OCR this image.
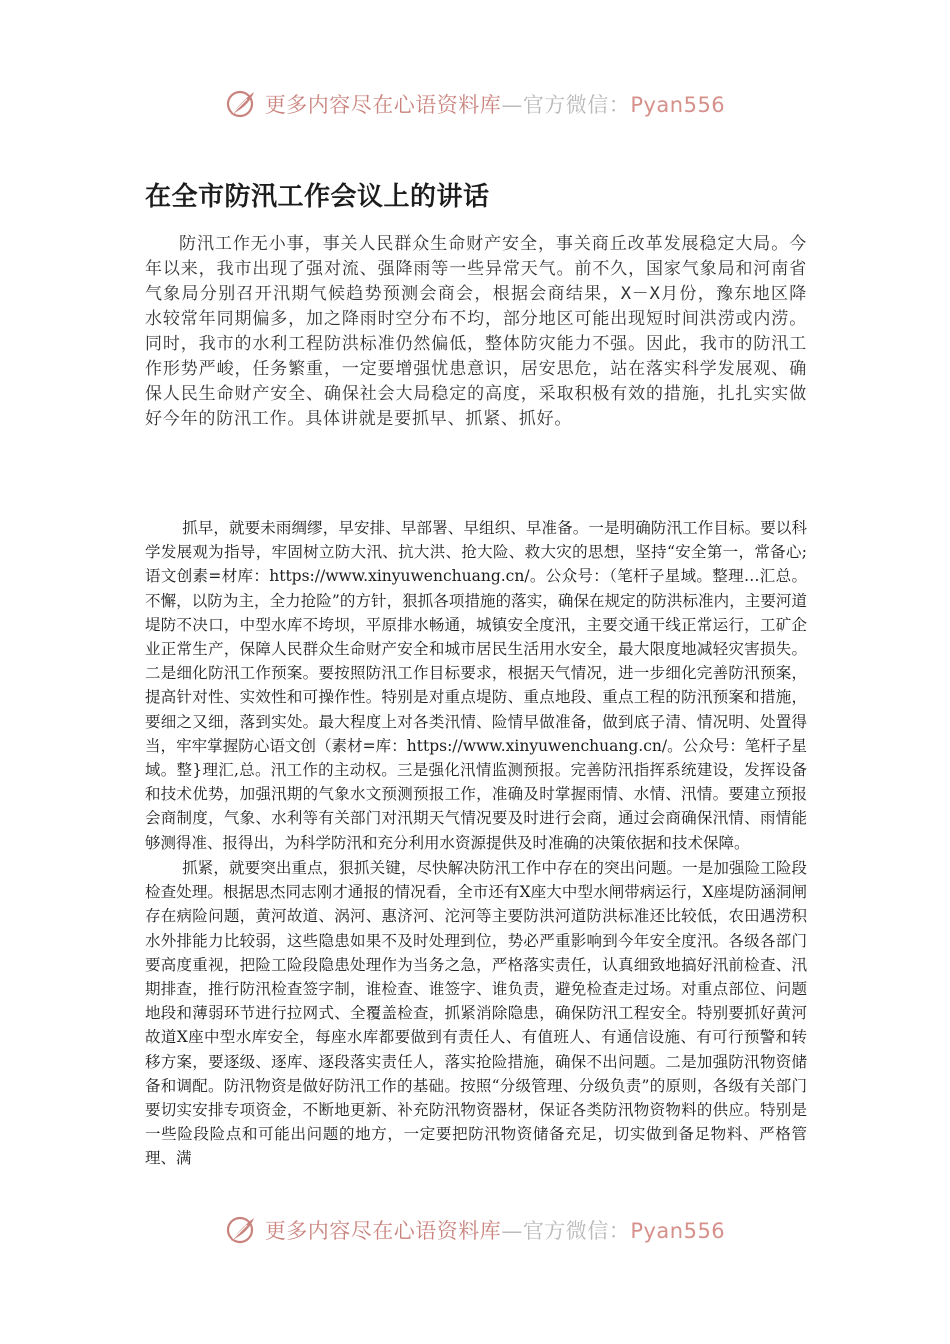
更多内容尽在心语资料库—官方微信：Pyan556
在全市防汛工作会议上的讲话

防汛工作无小事，事关人民群众生命财产安全，事关商丘改革发展稳定大局。今年以来，我市出现了强对流、强降雨等一些异常天气。前不久，国家气象局和河南省气象局分别召开汛期气候趋势预测会商会，根据会商结果，X－X月份，豫东地区降水较常年同期偏多，加之降雨时空分布不均，部分地区可能出现短时间洪涝或内涝。同时，我市的水利工程防洪标准仍然偏低，整体防灾能力不强。因此，我市的防汛工作形势严峻，任务繁重，一定要增强忧患意识，居安思危，站在落实科学发展观、确保人民生命财产安全、确保社会大局稳定的高度，采取积极有效的措施，扎扎实实做好今年的防汛工作。具体讲就是要抓早、抓紧、抓好。

抓早，就要未雨绸缪，早安排、早部署、早组织、早准备。一是明确防汛工作目标。要以科学发展观为指导，牢固树立防大汛、抗大洪、抢大险、救大灾的思想，坚持“安全第一，常备心;语文创素=材库：https://www.xinyuwenchuang.cn/。公众号：（笔杆子星域。整理…汇总。不懈，以防为主，全力抢险”的方针，狠抓各项措施的落实，确保在规定的防洪标准内，主要河道堤防不决口，中型水库不垮坝，平原排水畅通，城镇安全度汛，主要交通干线正常运行，工矿企业正常生产，保障人民群众生命财产安全和城市居民生活用水安全，最大限度地减轻灾害损失。二是细化防汛工作预案。要按照防汛工作目标要求，根据天气情况，进一步细化完善防汛预案，提高针对性、实效性和可操作性。特别是对重点堤防、重点地段、重点工程的防汛预案和措施，要细之又细，落到实处。最大程度上对各类汛情、险情早做准备，做到底子清、情况明、处置得当，牢牢掌握防心语文创（素材=库：https://www.xinyuwenchuang.cn/。公众号：笔杆子星域。整}理汇,总。汛工作的主动权。三是强化汛情监测预报。完善防汛指挥系统建设，发挥设备和技术优势，加强汛期的气象水文预测预报工作，准确及时掌握雨情、水情、汛情。要建立预报会商制度，气象、水利等有关部门对汛期天气情况要及时进行会商，通过会商确保汛情、雨情能够测得准、报得出，为科学防汛和充分利用水资源提供及时准确的决策依据和技术保障。

抓紧，就要突出重点，狠抓关键，尽快解决防汛工作中存在的突出问题。一是加强险工险段检查处理。根据思杰同志刚才通报的情况看，全市还有X座大中型水闸带病运行，X座堤防涵洞闸存在病险问题，黄河故道、涡河、惠济河、沱河等主要防洪河道防洪标准还比较低，农田遇涝积水外排能力比较弱，这些隐患如果不及时处理到位，势必严重影响到今年安全度汛。各级各部门要高度重视，把险工险段隐患处理作为当务之急，严格落实责任，认真细致地搞好汛前检查、汛期排查，推行防汛检查签字制，谁检查、谁签字、谁负责，避免检查走过场。对重点部位、问题地段和薄弱环节进行拉网式、全覆盖检查，抓紧消除隐患，确保防汛工程安全。特别要抓好黄河故道X座中型水库安全，每座水库都要做到有责任人、有值班人、有通信设施、有可行预警和转移方案，要逐级、逐库、逐段落实责任人，落实抢险措施，确保不出问题。二是加强防汛物资储备和调配。防汛物资是做好防汛工作的基础。按照“分级管理、分级负责”的原则，各级有关部门要切实安排专项资金，不断地更新、补充防汛物资器材，保证各类防汛物资物料的供应。特别是一些险段险点和可能出问题的地方，一定要把防汛物资储备充足，切实做到备足物料、严格管理、满

更多内容尽在心语资料库—官方微信：Pyan556
